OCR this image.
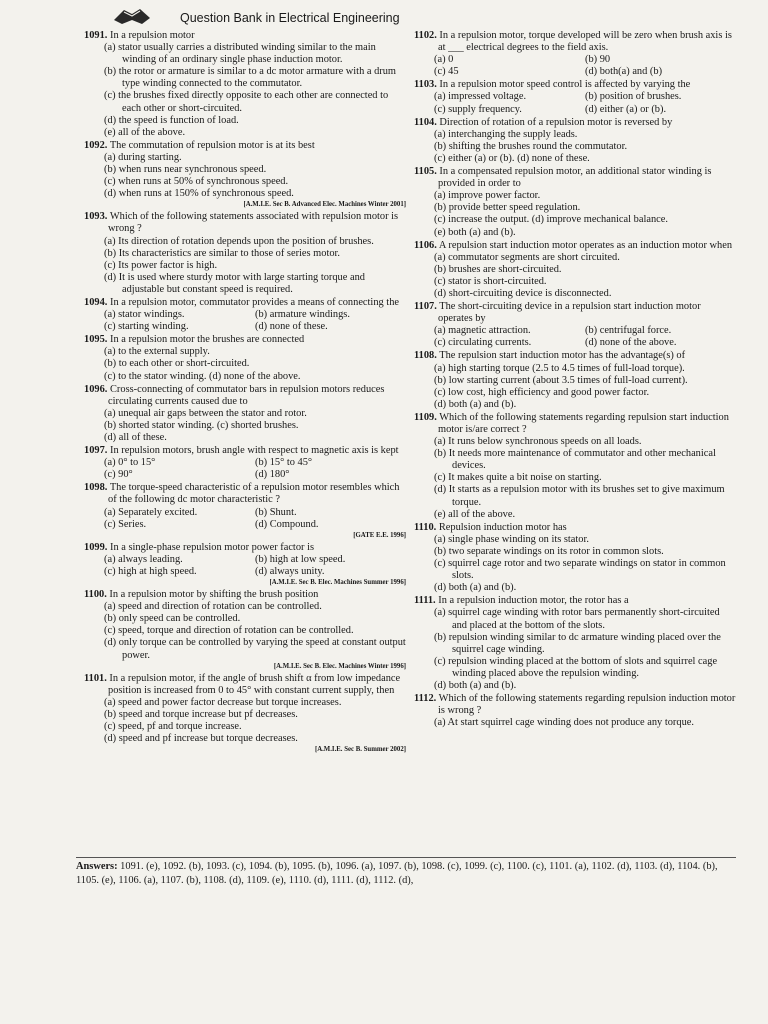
Question Bank in Electrical Engineering
1091. In a repulsion motor
(a) stator usually carries a distributed winding similar to the main winding of an ordinary single phase induction motor.
(b) the rotor or armature is similar to a dc motor armature with a drum type winding connected to the commutator.
(c) the brushes fixed directly opposite to each other are connected to each other or short-circuited.
(d) the speed is function of load.
(e) all of the above.
1092. The commutation of repulsion motor is at its best
(a) during starting.
(b) when runs near synchronous speed.
(c) when runs at 50% of synchronous speed.
(d) when runs at 150% of synchronous speed.
[A.M.I.E. Sec B. Advanced Elec. Machines Winter 2001]
1093. Which of the following statements associated with repulsion motor is wrong ?
(a) Its direction of rotation depends upon the position of brushes.
(b) Its characteristics are similar to those of series motor.
(c) Its power factor is high.
(d) It is used where sturdy motor with large starting torque and adjustable but constant speed is required.
1094. In a repulsion motor, commutator provides a means of connecting the
(a) stator windings.	(b) armature windings.
(c) starting winding.	(d) none of these.
1095. In a repulsion motor the brushes are connected
(a) to the external supply.
(b) to each other or short-circuited.
(c) to the stator winding. (d) none of the above.
1096. Cross-connecting of commutator bars in repulsion motors reduces circulating currents caused due to
(a) unequal air gaps between the stator and rotor.
(b) shorted stator winding. (c) shorted brushes.
(d) all of these.
1097. In repulsion motors, brush angle with respect to magnetic axis is kept
(a) 0° to 15°	(b) 15° to 45°
(c) 90°	(d) 180°
1098. The torque-speed characteristic of a repulsion motor resembles which of the following dc motor characteristic ?
(a) Separately excited.	(b) Shunt.
(c) Series.	(d) Compound.
[GATE E.E. 1996]
1099. In a single-phase repulsion motor power factor is
(a) always leading.	(b) high at low speed.
(c) high at high speed.	(d) always unity.
[A.M.I.E. Sec B. Elec. Machines Summer 1996]
1100. In a repulsion motor by shifting the brush position
(a) speed and direction of rotation can be controlled.
(b) only speed can be controlled.
(c) speed, torque and direction of rotation can be controlled.
(d) only torque can be controlled by varying the speed at constant output power.
[A.M.I.E. Sec B. Elec. Machines Winter 1996]
1101. In a repulsion motor, if the angle of brush shift α from low impedance position is increased from 0 to 45° with constant current supply, then
(a) speed and power factor decrease but torque increases.
(b) speed and torque increase but pf decreases.
(c) speed, pf and torque increase.
(d) speed and pf increase but torque decreases.
[A.M.I.E. Sec B. Summer 2002]
1102. In a repulsion motor, torque developed will be zero when brush axis is at ___ electrical degrees to the field axis.
(a) 0	(b) 90
(c) 45	(d) both(a) and (b)
1103. In a repulsion motor speed control is affected by varying the
(a) impressed voltage.	(b) position of brushes.
(c) supply frequency.	(d) either (a) or (b).
1104. Direction of rotation of a repulsion motor is reversed by
(a) interchanging the supply leads.
(b) shifting the brushes round the commutator.
(c) either (a) or (b). (d) none of these.
1105. In a compensated repulsion motor, an additional stator winding is provided in order to
(a) improve power factor.
(b) provide better speed regulation.
(c) increase the output. (d) improve mechanical balance.
(e) both (a) and (b).
1106. A repulsion start induction motor operates as an induction motor when
(a) commutator segments are short circuited.
(b) brushes are short-circuited.
(c) stator is short-circuited.
(d) short-circuiting device is disconnected.
1107. The short-circuiting device in a repulsion start induction motor operates by
(a) magnetic attraction.	(b) centrifugal force.
(c) circulating currents.	(d) none of the above.
1108. The repulsion start induction motor has the advantage(s) of
(a) high starting torque (2.5 to 4.5 times of full-load torque).
(b) low starting current (about 3.5 times of full-load current).
(c) low cost, high efficiency and good power factor.
(d) both (a) and (b).
1109. Which of the following statements regarding repulsion start induction motor is/are correct ?
(a) It runs below synchronous speeds on all loads.
(b) It needs more maintenance of commutator and other mechanical devices.
(c) It makes quite a bit noise on starting.
(d) It starts as a repulsion motor with its brushes set to give maximum torque.
(e) all of the above.
1110. Repulsion induction motor has
(a) single phase winding on its stator.
(b) two separate windings on its rotor in common slots.
(c) squirrel cage rotor and two separate windings on stator in common slots.
(d) both (a) and (b).
1111. In a repulsion induction motor, the rotor has a
(a) squirrel cage winding with rotor bars permanently short-circuited and placed at the bottom of the slots.
(b) repulsion winding similar to dc armature winding placed over the squirrel cage winding.
(c) repulsion winding placed at the bottom of slots and squirrel cage winding placed above the repulsion winding.
(d) both (a) and (b).
1112. Which of the following statements regarding repulsion induction motor is wrong ?
(a) At start squirrel cage winding does not produce any torque.
Answers: 1091. (e), 1092. (b), 1093. (c), 1094. (b), 1095. (b), 1096. (a), 1097. (b), 1098. (c), 1099. (c), 1100. (c), 1101. (a), 1102. (d), 1103. (d), 1104. (b), 1105. (e), 1106. (a), 1107. (b), 1108. (d), 1109. (e), 1110. (d), 1111. (d), 1112. (d),
